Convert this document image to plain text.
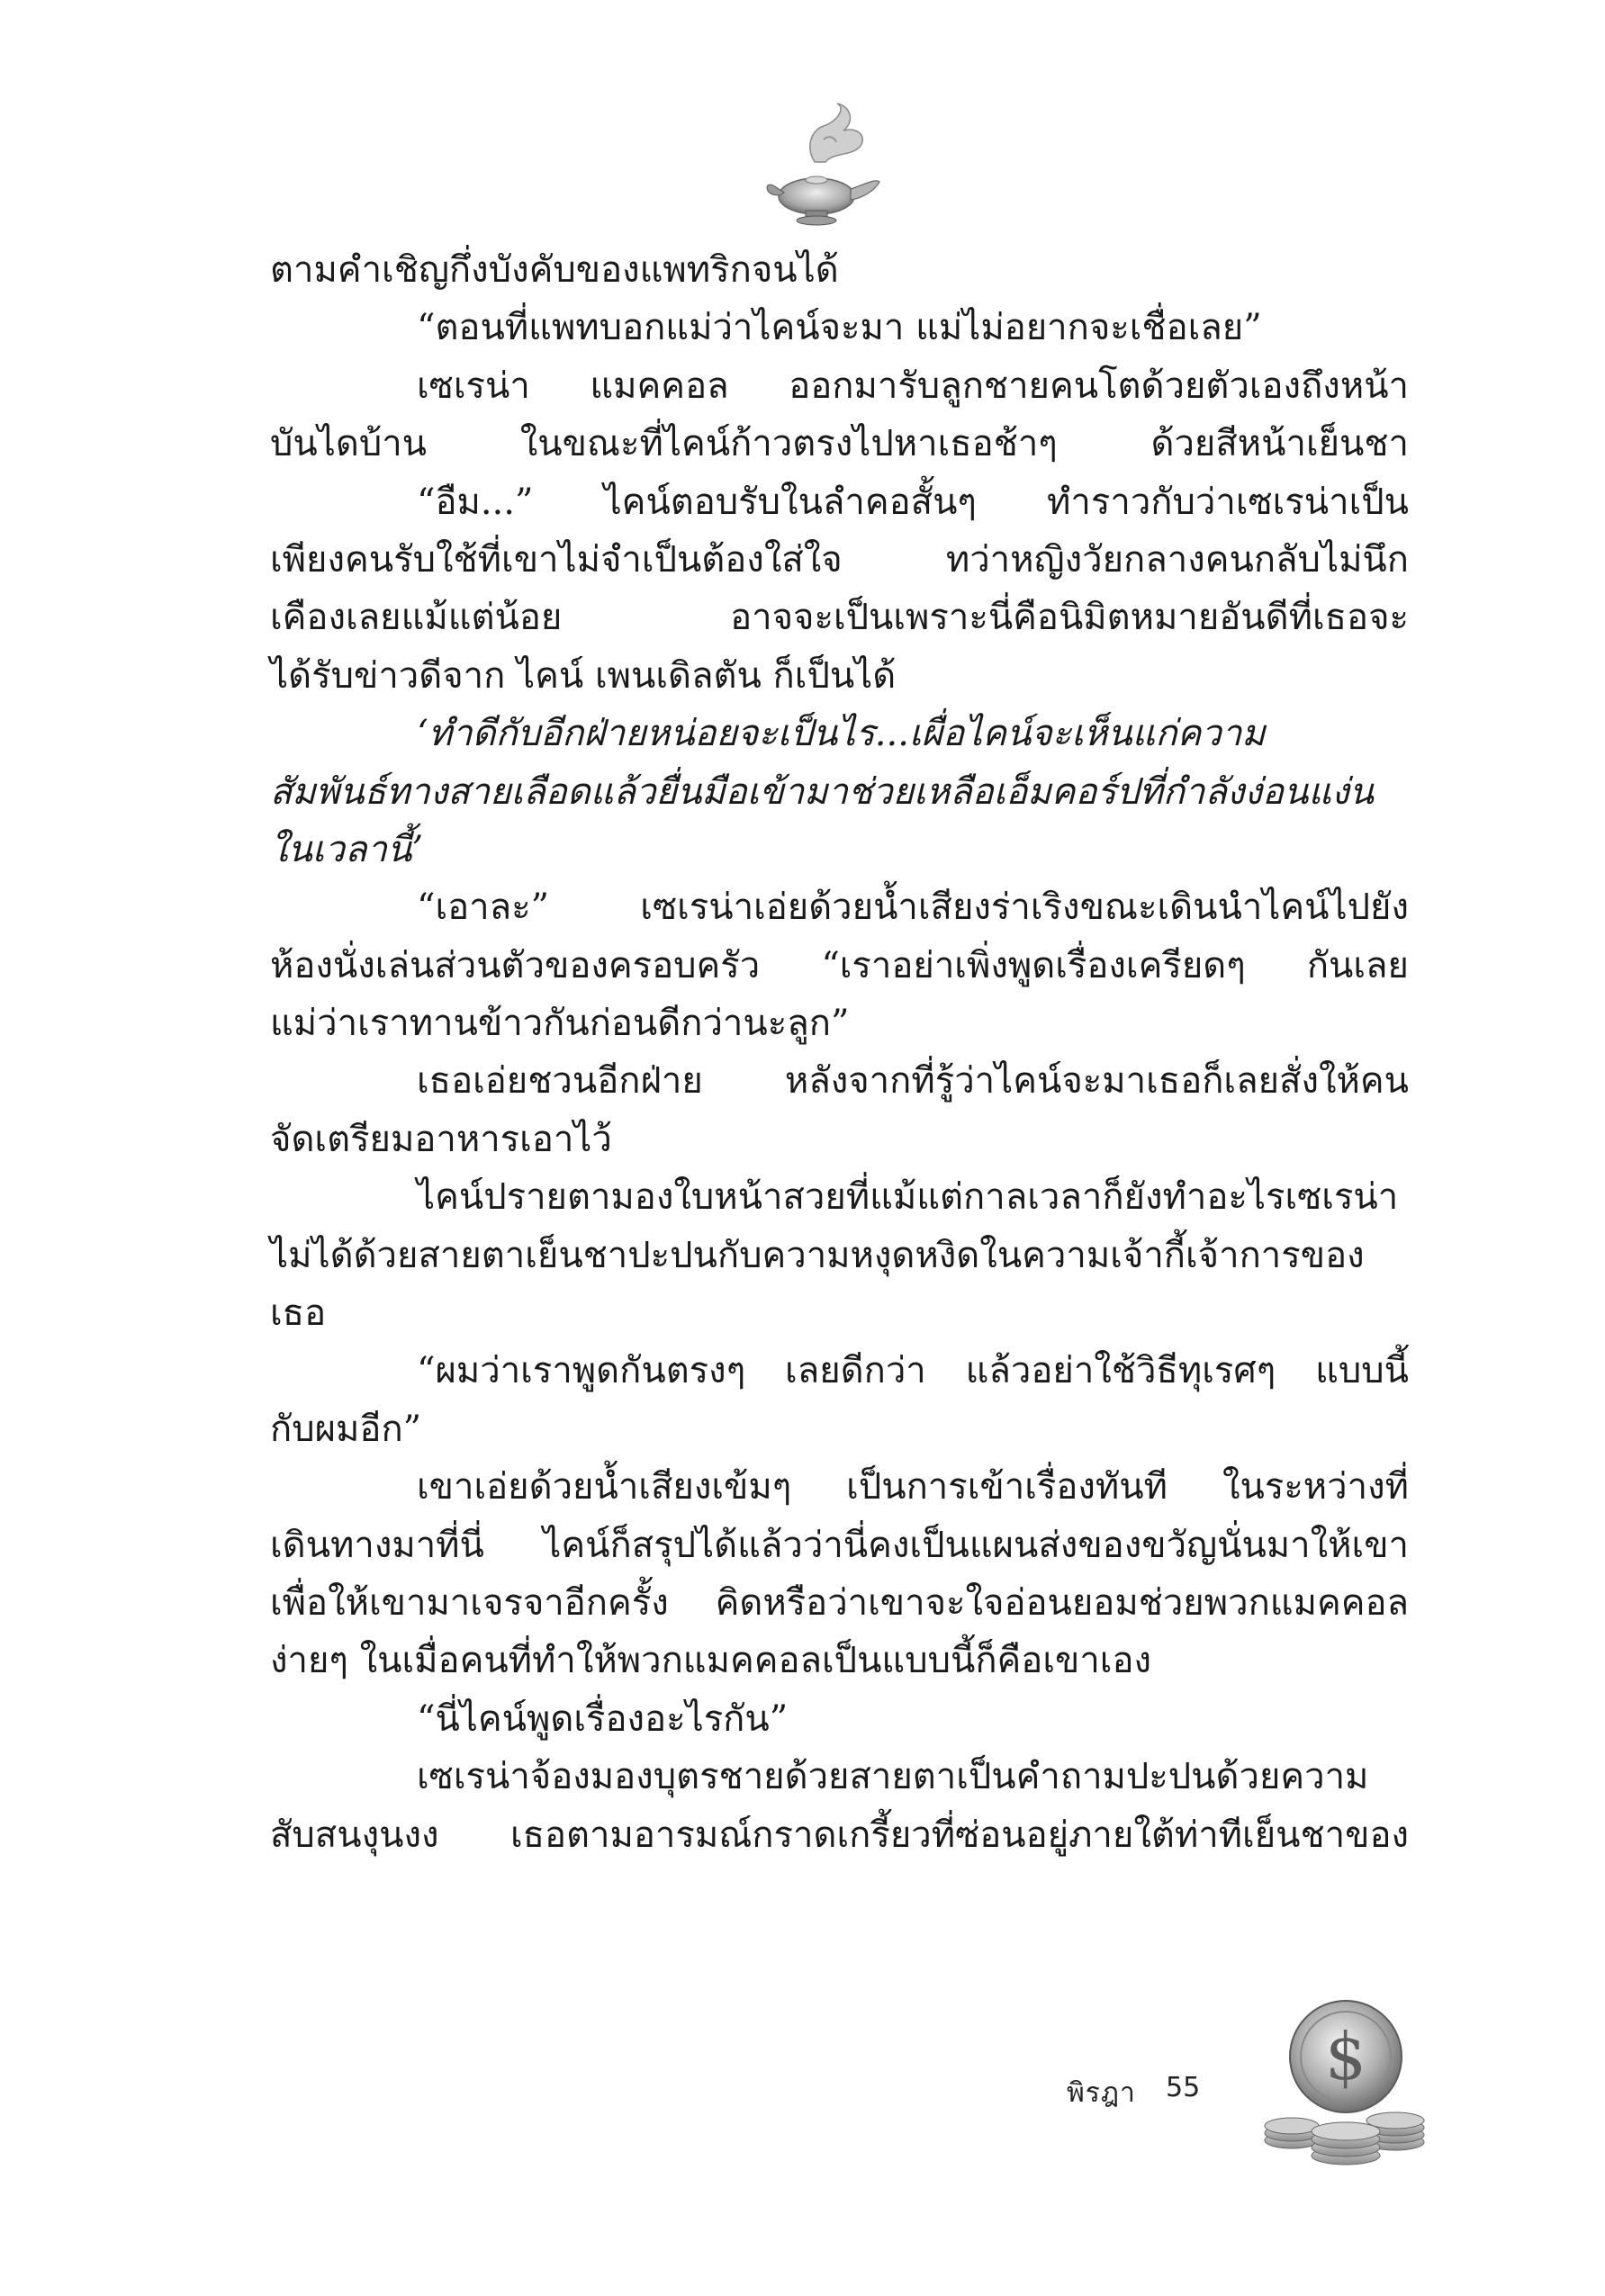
ตามคำเชิญกึ่งบังคับของแพทริกจนได้
“ตอนที่แพทบอกแม่ว่าไคน์จะมา แม่ไม่อยากจะเชื่อเลย”
เซเรน่า แมคคอล ออกมารับลูกชายคนโตด้วยตัวเองถึงหน้า
บันไดบ้าน ในขณะที่ไคน์ก้าวตรงไปหาเธอช้าๆ ด้วยสีหน้าเย็นชา
“อืม...” ไคน์ตอบรับในลำคอสั้นๆ ทำราวกับว่าเซเรน่าเป็น
เพียงคนรับใช้ที่เขาไม่จำเป็นต้องใส่ใจ ทว่าหญิงวัยกลางคนกลับไม่นึก
เคืองเลยแม้แต่น้อย อาจจะเป็นเพราะนี่คือนิมิตหมายอันดีที่เธอจะ
ได้รับข่าวดีจาก ไคน์ เพนเดิลตัน ก็เป็นได้
‘ทำดีกับอีกฝ่ายหน่อยจะเป็นไร...เผื่อไคน์จะเห็นแก่ความ
สัมพันธ์ทางสายเลือดแล้วยื่นมือเข้ามาช่วยเหลือเอ็มคอร์ปที่กำลังง่อนแง่น
ในเวลานี้’
“เอาละ” เซเรน่าเอ่ยด้วยน้ำเสียงร่าเริงขณะเดินนำไคน์ไปยัง
ห้องนั่งเล่นส่วนตัวของครอบครัว “เราอย่าเพิ่งพูดเรื่องเครียดๆ กันเลย
แม่ว่าเราทานข้าวกันก่อนดีกว่านะลูก”
เธอเอ่ยชวนอีกฝ่าย หลังจากที่รู้ว่าไคน์จะมาเธอก็เลยสั่งให้คน
จัดเตรียมอาหารเอาไว้
ไคน์ปรายตามองใบหน้าสวยที่แม้แต่กาลเวลาก็ยังทำอะไรเซเรน่า
ไม่ได้ด้วยสายตาเย็นชาปะปนกับความหงุดหงิดในความเจ้ากี้เจ้าการของ
เธอ
“ผมว่าเราพูดกันตรงๆ เลยดีกว่า แล้วอย่าใช้วิธีทุเรศๆ แบบนี้
กับผมอีก”
เขาเอ่ยด้วยน้ำเสียงเข้มๆ เป็นการเข้าเรื่องทันที ในระหว่างที่
เดินทางมาที่นี่ ไคน์ก็สรุปได้แล้วว่านี่คงเป็นแผนส่งของขวัญนั่นมาให้เขา
เพื่อให้เขามาเจรจาอีกครั้ง คิดหรือว่าเขาจะใจอ่อนยอมช่วยพวกแมคคอล
ง่ายๆ ในเมื่อคนที่ทำให้พวกแมคคอลเป็นแบบนี้ก็คือเขาเอง
“นี่ไคน์พูดเรื่องอะไรกัน”
เซเรน่าจ้องมองบุตรชายด้วยสายตาเป็นคำถามปะปนด้วยความ
สับสนงุนงง เธอตามอารมณ์กราดเกรี้ยวที่ซ่อนอยู่ภายใต้ท่าทีเย็นชาของ
พิรฎา 55 $
